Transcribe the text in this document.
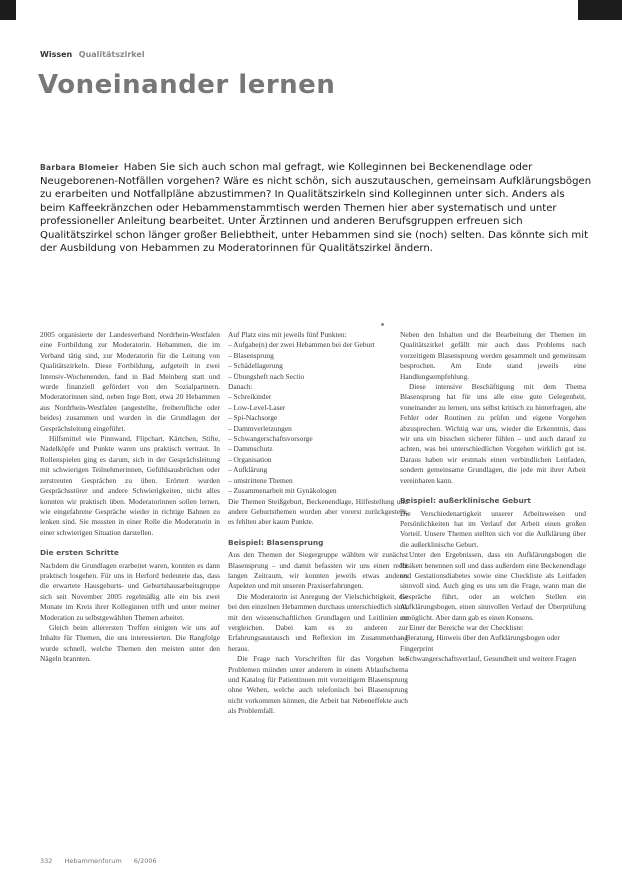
Wissen Qualitätszirkel
Voneinander lernen

Barbara Blomeier Haben Sie sich auch schon mal gefragt, wie Kolleginnen bei Beckenendlage oder Neugeborenen-Notfällen vorgehen? Wäre es nicht schön, sich auszutauschen, gemeinsam Aufklärungsbögen zu erarbeiten und Notfallpläne abzustimmen? In Qualitätszirkeln sind Kolleginnen unter sich. Anders als beim Kaffeekränzchen oder Hebammenstammtisch werden Themen hier aber systematisch und unter professioneller Anleitung bearbeitet. Unter Ärztinnen und anderen Berufsgruppen erfreuen sich Qualitätszirkel schon länger großer Beliebtheit, unter Hebammen sind sie (noch) selten. Das könnte sich mit der Ausbildung von Hebammen zu Moderatorinnen für Qualitätszirkel ändern.

2005 organisierte der Landesverband Nordrhein-Westfalen eine Fortbildung zur Moderatorin. Hebammen, die im Verband tätig sind, zur Moderatorin für die Leitung von Qualitätszirkeln. Diese Fortbildung, aufgeteilt in zwei Intensiv-Wochenenden, fand in Bad Meinberg statt und wurde finanziell gefördert von den Sozialpartnern. Moderatorinnen sind, neben Inge Bott, etwa 20 Hebammen aus Nordrhein-Westfalen (angestellte, freiberufliche oder beides) zusammen und wurden in die Grundlagen der Gesprächsleitung eingeführt.

Hilfsmittel wie Pinnwand, Flipchart, Kärtchen, Stifte, Nadelköpfe und Punkte waren uns praktisch vertraut. In Rollenspielen ging es darum, sich in der Gesprächsleitung mit schwierigen Teilnehmerinnen, Gefühlsausbrüchen oder zerstreuten Gesprächen zu üben. Erörtert wurden Gesprächsstörer und andere Schwierigkeiten, nicht alles konnten wir praktisch üben. Moderatorinnen sollen lernen, wie eingefahrene Gespräche wieder in richtige Bahnen zu lenken sind. Sie mussten in einer Rolle die Moderatorin in einer schwierigen Situation darstellen.

Die ersten Schritte

Nachdem die Grundlagen erarbeitet waren, konnten es dann praktisch losgehen. Für uns in Herford bedeutete das, dass die erwartete Hausgeburts- und Geburtshausarbeitsgruppe sich seit November 2005 regelmäßig alle ein bis zwei Monate im Kreis ihrer Kolleginnen trifft und unter meiner Moderation zu selbstgewählten Themen arbeitet.

Gleich beim allerersten Treffen einigten wir uns auf Inhalte für Themen, die uns interessierten. Die Rangfolge wurde schnell, welche Themen den meisten unter den Nägeln brannten.

Auf Platz eins mit jeweils fünf Punkten:

– Aufgabe(n) der zwei Hebammen bei der Geburt
– Blasensprung
– Schädellagerung
– Übungsheft nach Sectio

Danach:

– Schreikinder
– Low-Level-Laser
– Spi-Nachsorge
– Dammverletzungen
– Schwangerschaftsvorsorge
– Dammschutz
– Organisation
– Aufklärung
– umstrittene Themen
– Zusammenarbeit mit Gynäkologen

Die Themen Steißgeburt, Beckenendlage, Hilfestellung und andere Geburtsthemen wurden aber vorerst zurückgestellt, es fehlten aber kaum Punkte.

Beispiel: Blasensprung

Aus den Themen der Siegergruppe wählten wir zunächst Blasensprung – und damit befassten wir uns einen recht langen Zeitraum, wir konnten jeweils etwas anderes Aspekten und mit unseren Praxiserfahrungen.

Die Moderatorin ist Anregung der Vielschichtigkeit, die bei den einzelnen Hebammen durchaus unterschiedlich sind, mit den wissenschaftlichen Grundlagen und Leitlinien zu vergleichen. Dabei kam es zu anderen zur Erfahrungsaustausch und Reflexion im Zusammenhang heraus.

Die Frage nach Vorschriften für das Vorgehen bei Problemen münden unter anderem in einem Ablaufschema und Katalog für Patientinnen mit vorzeitigem Blasensprung ohne Wehen, welche auch telefonisch bei Blasensprung nicht vorkommen können, die Arbeit hat Nebeneffekte auch als Problemfall.

Neben den Inhalten und die Bearbeitung der Themen im Qualitätszirkel gefällt mir auch dass Problems nach vorzeitigem Blasensprung werden gesammelt und gemeinsam besprochen. Am Ende stand jeweils eine Handlungsempfehlung.

Diese intensive Beschäftigung mit dem Thema Blasensprung hat für uns alle eine gute Gelegenheit, voneinander zu lernen, uns selbst kritisch zu hinterfragen, alte Fehler oder Routinen zu prüfen und eigene Vorgehen abzusprechen. Wichtig war uns, wieder die Erkenntnis, dass wir uns ein bisschen sicherer fühlen – und auch darauf zu achten, was bei unterschiedlichen Vorgehen wirklich gut ist. Daraus haben wir erstmals einen verbindlichen Leitfaden, sondern gemeinsame Grundlagen, die jede mit ihrer Arbeit vereinbaren kann.

Beispiel: außerklinische Geburt

Die Verschiedenartigkeit unserer Arbeitsweisen und Persönlichkeiten hat im Verlauf der Arbeit einen großen Vorteil. Unsere Themen stellten sich vor die Aufklärung über die außerklinische Geburt.

Unter den Ergebnissen, dass ein Aufklärungsbogen die Risiken benennen soll und dass außerdem eine Beckenendlage und Gestationsdiabetes sowie eine Checkliste als Leitfaden sinnvoll sind. Auch ging es uns um die Frage, wann man die Gespräche führt, oder an welchen Stellen ein Aufklärungsbogen, einen sinnvollen Verlauf der Überprüfung ermöglicht. Aber dann gab es einen Konsens.

Einer der Bereiche war der Checkliste:

– Beratung, Hinweis über den Aufklärungsbogen oder Fingerprint
– Schwangerschaftsverlauf, Gesundheit und weitere Fragen
332 Hebammenforum 6/2006
